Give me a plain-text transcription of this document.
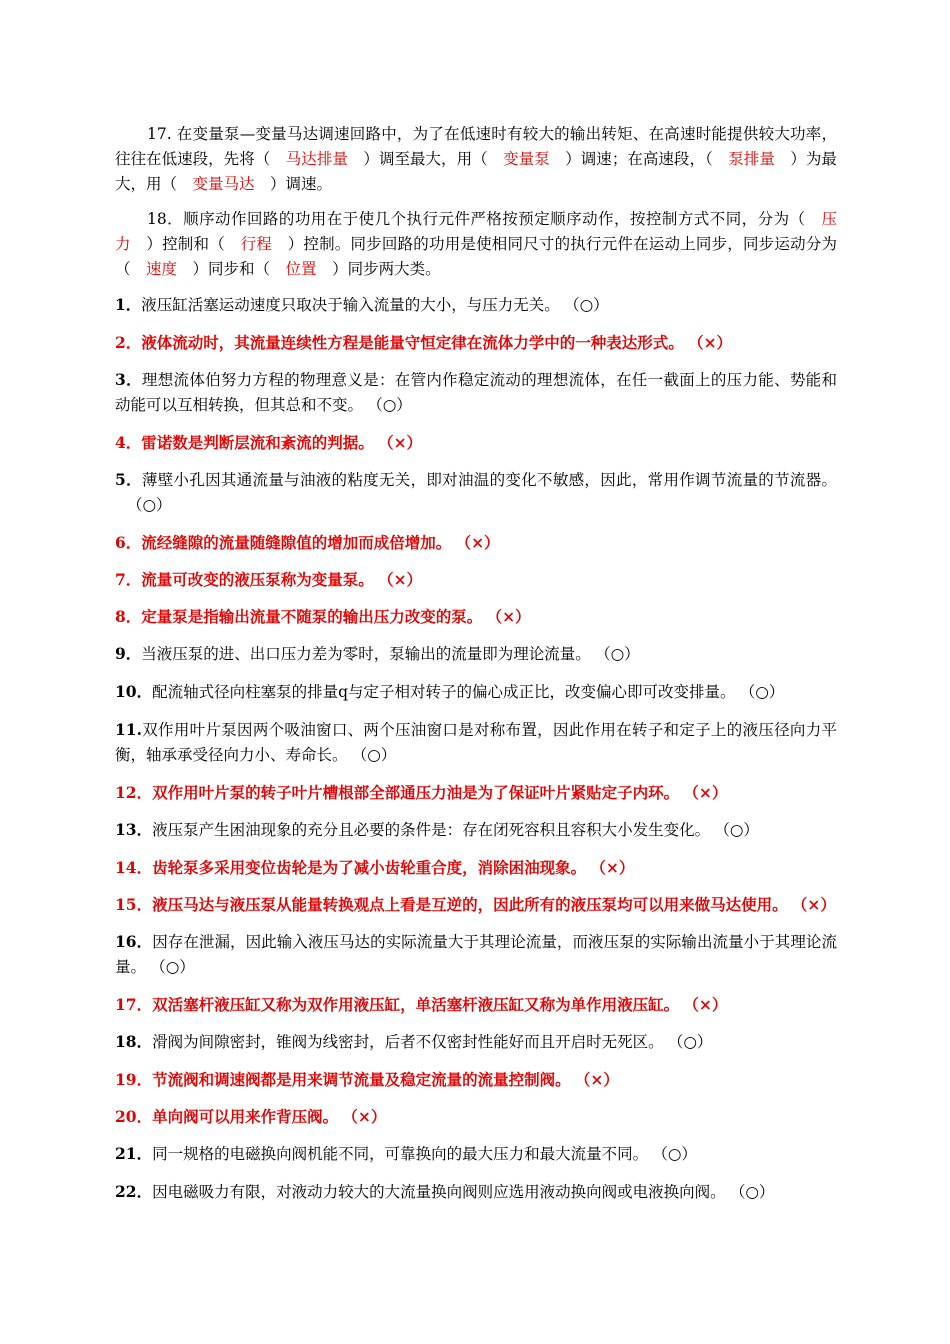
17. 在变量泵—变量马达调速回路中，为了在低速时有较大的输出转矩、在高速时能提供较大功率，往往在低速段，先将（　马达排量　）调至最大，用（　变量泵　）调速；在高速段，（　泵排量　）为最大，用（　变量马达　）调速。

18．顺序动作回路的功用在于使几个执行元件严格按预定顺序动作，按控制方式不同，分为（　压力　）控制和（　行程　）控制。同步回路的功用是使相同尺寸的执行元件在运动上同步，同步运动分为（　速度　）同步和（　位置　）同步两大类。

1．液压缸活塞运动速度只取决于输入流量的大小，与压力无关。 （○）

2．液体流动时，其流量连续性方程是能量守恒定律在流体力学中的一种表达形式。 （×）

3．理想流体伯努力方程的物理意义是：在管内作稳定流动的理想流体，在任一截面上的压力能、势能和动能可以互相转换，但其总和不变。 （○）

4．雷诺数是判断层流和紊流的判据。 （×）

5．薄壁小孔因其通流量与油液的粘度无关，即对油温的变化不敏感，因此，常用作调节流量的节流器。（○）

6．流经缝隙的流量随缝隙值的增加而成倍增加。 （×）

7．流量可改变的液压泵称为变量泵。 （×）

8．定量泵是指输出流量不随泵的输出压力改变的泵。 （×）

9．当液压泵的进、出口压力差为零时，泵输出的流量即为理论流量。 （○）

10．配流轴式径向柱塞泵的排量q与定子相对转子的偏心成正比，改变偏心即可改变排量。 （○）

11.双作用叶片泵因两个吸油窗口、两个压油窗口是对称布置，因此作用在转子和定子上的液压径向力平衡，轴承承受径向力小、寿命长。 （○）

12．双作用叶片泵的转子叶片槽根部全部通压力油是为了保证叶片紧贴定子内环。 （×）

13．液压泵产生困油现象的充分且必要的条件是：存在闭死容积且容积大小发生变化。 （○）

14．齿轮泵多采用变位齿轮是为了减小齿轮重合度，消除困油现象。 （×）

15．液压马达与液压泵从能量转换观点上看是互逆的，因此所有的液压泵均可以用来做马达使用。 （×）

16．因存在泄漏，因此输入液压马达的实际流量大于其理论流量，而液压泵的实际输出流量小于其理论流量。 （○）

17．双活塞杆液压缸又称为双作用液压缸，单活塞杆液压缸又称为单作用液压缸。 （×）

18．滑阀为间隙密封，锥阀为线密封，后者不仅密封性能好而且开启时无死区。 （○）

19．节流阀和调速阀都是用来调节流量及稳定流量的流量控制阀。 （×）

20．单向阀可以用来作背压阀。 （×）

21．同一规格的电磁换向阀机能不同，可靠换向的最大压力和最大流量不同。 （○）

22．因电磁吸力有限，对液动力较大的大流量换向阀则应选用液动换向阀或电液换向阀。 （○）
